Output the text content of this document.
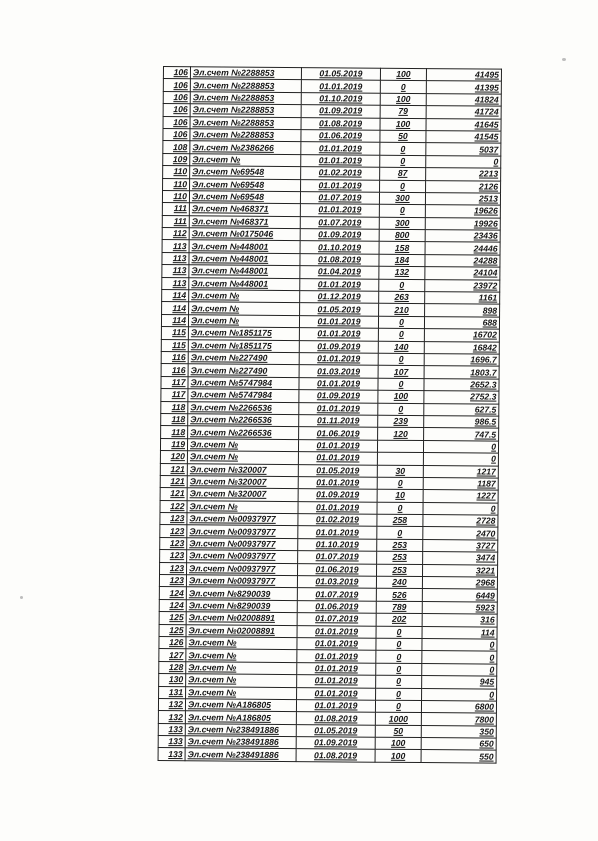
106	Эл.счет №2288853	01.05.2019	100	41495
106	Эл.счет №2288853	01.01.2019	0	41395
106	Эл.счет №2288853	01.10.2019	100	41824
106	Эл.счет №2288853	01.09.2019	79	41724
106	Эл.счет №2288853	01.08.2019	100	41645
106	Эл.счет №2288853	01.06.2019	50	41545
108	Эл.счет №2386266	01.01.2019	0	5037
109	Эл.счет №	01.01.2019	0	0
110	Эл.счет №69548	01.02.2019	87	2213
110	Эл.счет №69548	01.01.2019	0	2126
110	Эл.счет №69548	01.07.2019	300	2513
111	Эл.счет №468371	01.01.2019	0	19626
111	Эл.счет №468371	01.07.2019	300	19926
112	Эл.счет №0175046	01.09.2019	800	23436
113	Эл.счет №448001	01.10.2019	158	24446
113	Эл.счет №448001	01.08.2019	184	24288
113	Эл.счет №448001	01.04.2019	132	24104
113	Эл.счет №448001	01.01.2019	0	23972
114	Эл.счет №	01.12.2019	263	1161
114	Эл.счет №	01.05.2019	210	898
114	Эл.счет №	01.01.2019	0	688
115	Эл.счет №1851175	01.01.2019	0	16702
115	Эл.счет №1851175	01.09.2019	140	16842
116	Эл.счет №227490	01.01.2019	0	1696.7
116	Эл.счет №227490	01.03.2019	107	1803.7
117	Эл.счет №5747984	01.01.2019	0	2652.3
117	Эл.счет №5747984	01.09.2019	100	2752.3
118	Эл.счет №2266536	01.01.2019	0	627.5
118	Эл.счет №2266536	01.11.2019	239	986.5
118	Эл.счет №2266536	01.06.2019	120	747.5
119	Эл.счет №	01.01.2019		0
120	Эл.счет №	01.01.2019		0
121	Эл.счет №320007	01.05.2019	30	1217
121	Эл.счет №320007	01.01.2019	0	1187
121	Эл.счет №320007	01.09.2019	10	1227
122	Эл.счет №	01.01.2019	0	0
123	Эл.счет №00937977	01.02.2019	258	2728
123	Эл.счет №00937977	01.01.2019	0	2470
123	Эл.счет №00937977	01.10.2019	253	3727
123	Эл.счет №00937977	01.07.2019	253	3474
123	Эл.счет №00937977	01.06.2019	253	3221
123	Эл.счет №00937977	01.03.2019	240	2968
124	Эл.счет №8290039	01.07.2019	526	6449
124	Эл.счет №8290039	01.06.2019	789	5923
125	Эл.счет №02008891	01.07.2019	202	316
125	Эл.счет №02008891	01.01.2019	0	114
126	Эл.счет №	01.01.2019	0	0
127	Эл.счет №	01.01.2019	0	0
128	Эл.счет №	01.01.2019	0	0
130	Эл.счет №	01.01.2019	0	945
131	Эл.счет №	01.01.2019	0	0
132	Эл.счет №А186805	01.01.2019	0	6800
132	Эл.счет №А186805	01.08.2019	1000	7800
133	Эл.счет №238491886	01.05.2019	50	350
133	Эл.счет №238491886	01.09.2019	100	650
133	Эл.счет №238491886	01.08.2019	100	550
